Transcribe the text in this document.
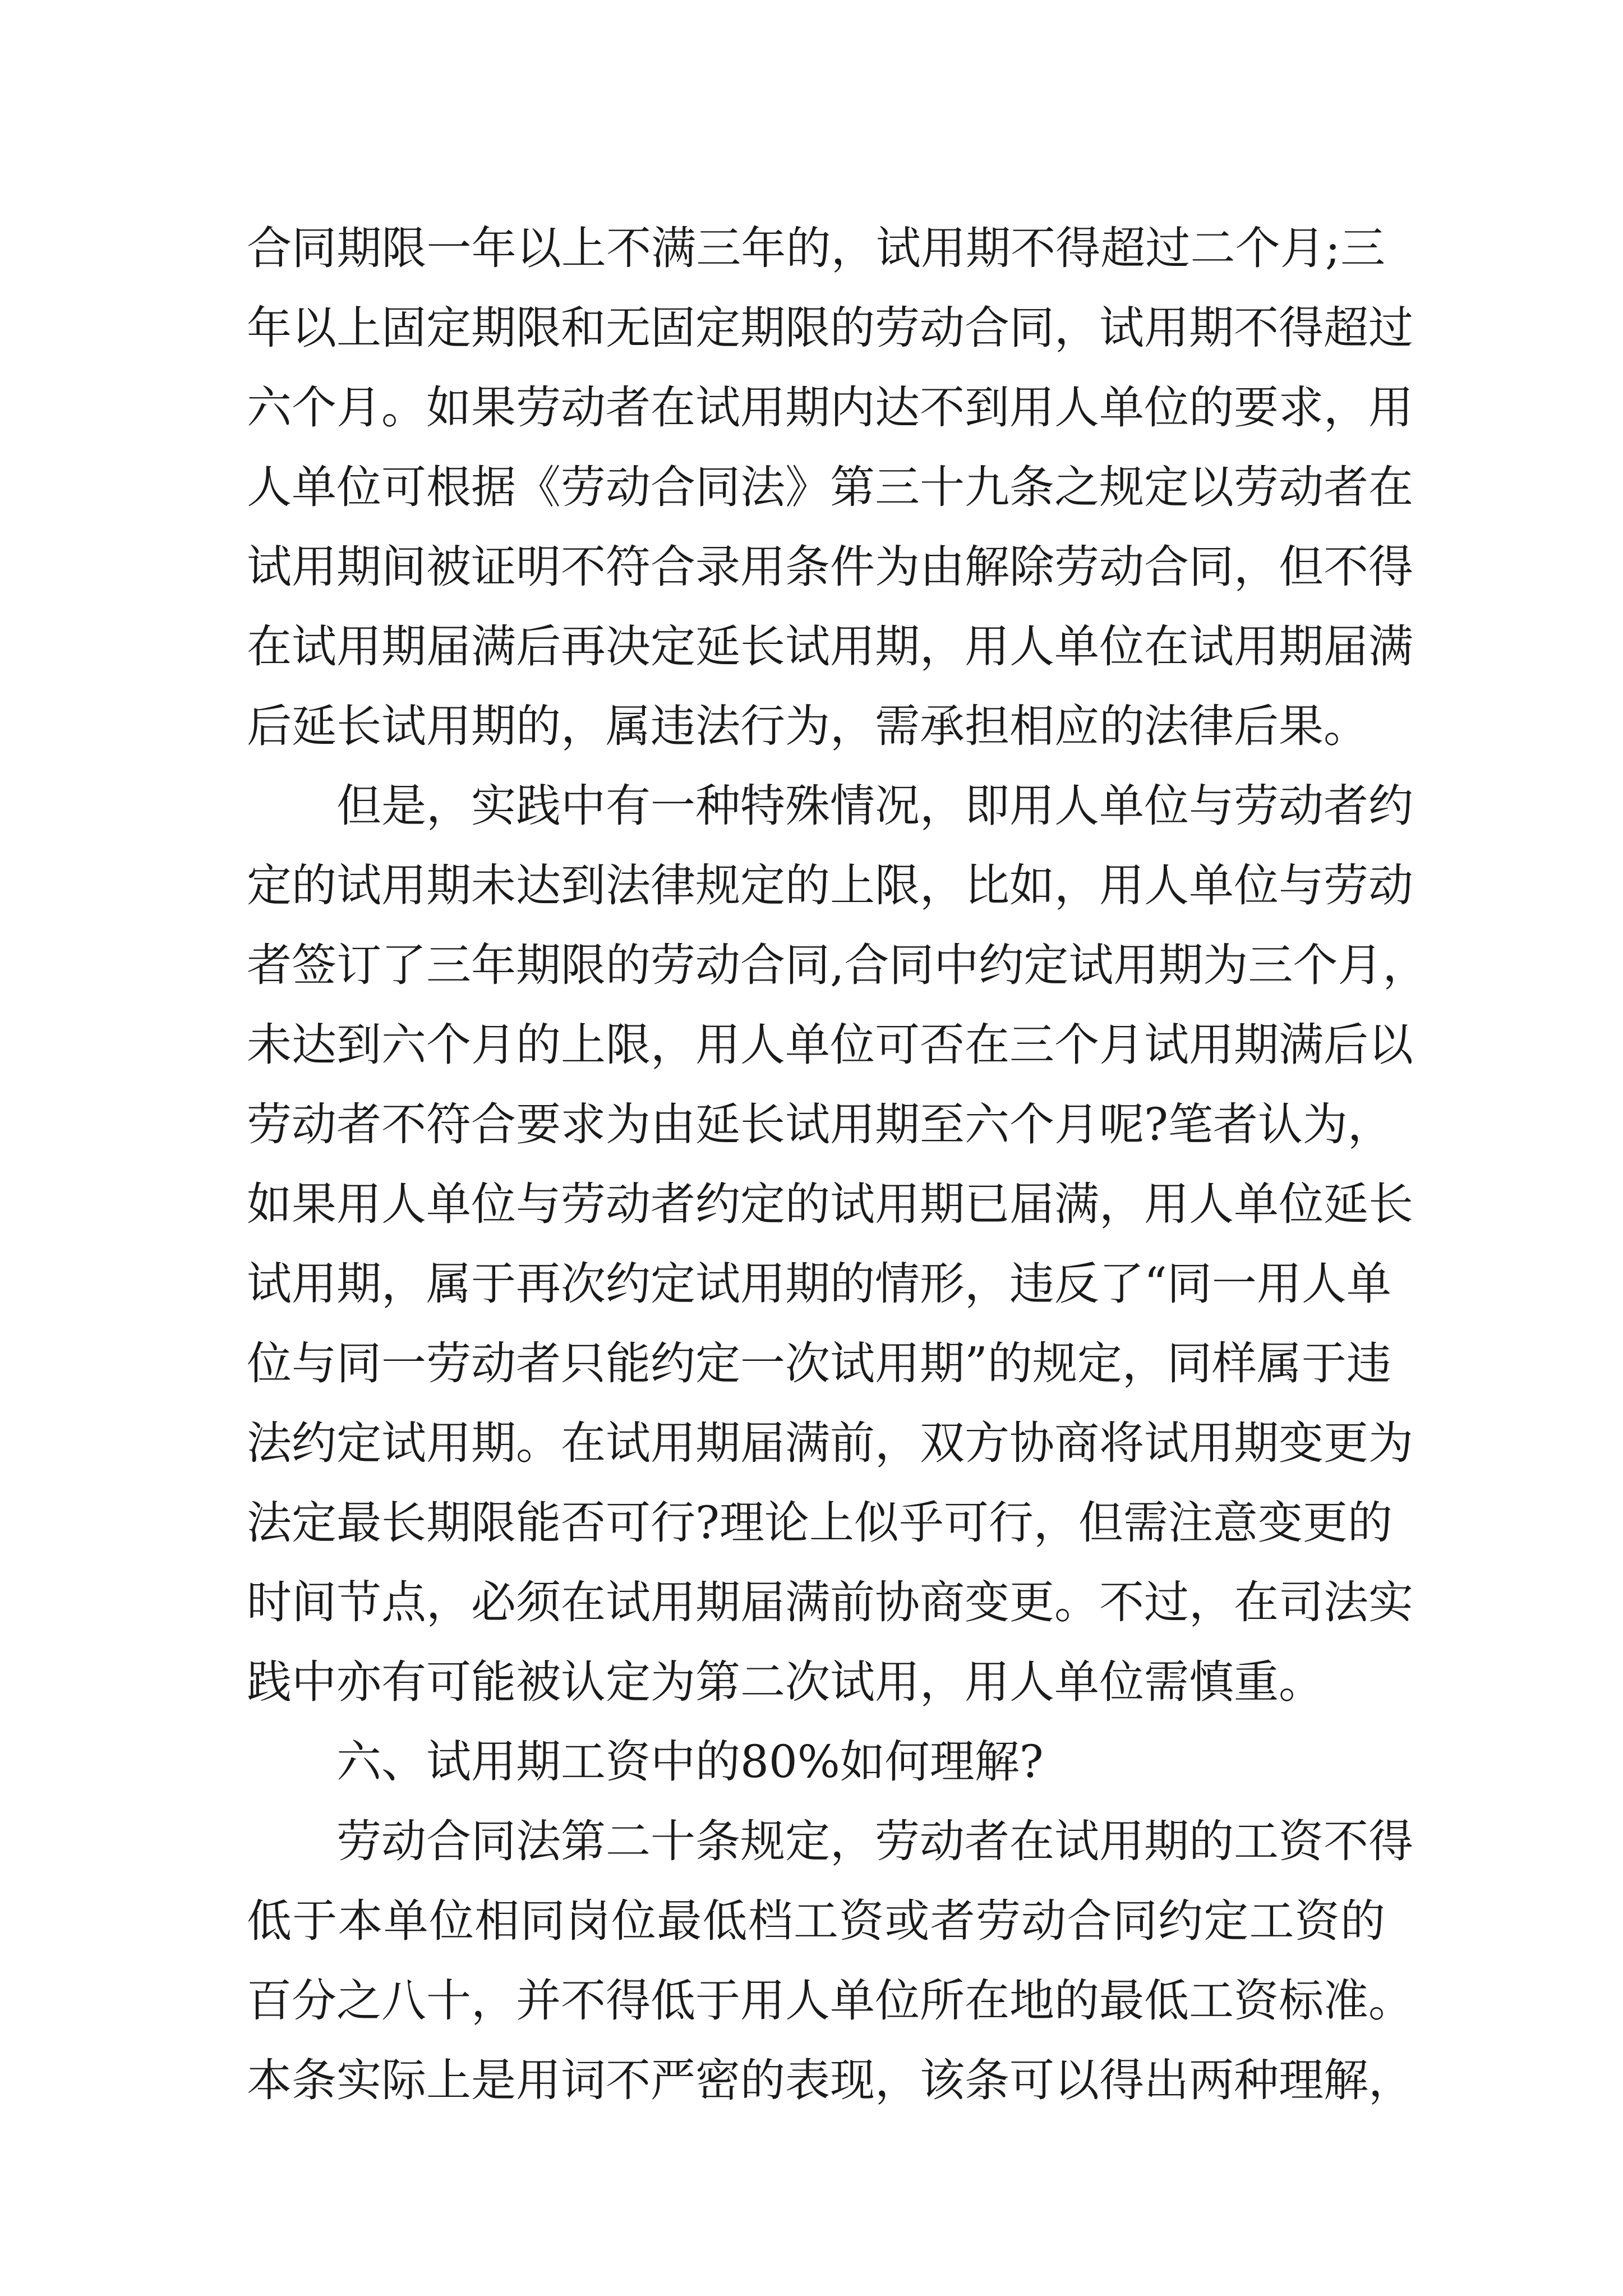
合同期限一年以上不满三年的，试用期不得超过二个月;三
年以上固定期限和无固定期限的劳动合同，试用期不得超过
六个月。如果劳动者在试用期内达不到用人单位的要求，用
人单位可根据《劳动合同法》第三十九条之规定以劳动者在
试用期间被证明不符合录用条件为由解除劳动合同，但不得
在试用期届满后再决定延长试用期，用人单位在试用期届满
后延长试用期的，属违法行为，需承担相应的法律后果。
但是，实践中有一种特殊情况，即用人单位与劳动者约
定的试用期未达到法律规定的上限，比如，用人单位与劳动
者签订了三年期限的劳动合同,合同中约定试用期为三个月，
未达到六个月的上限，用人单位可否在三个月试用期满后以
劳动者不符合要求为由延长试用期至六个月呢?笔者认为，
如果用人单位与劳动者约定的试用期已届满，用人单位延长
试用期，属于再次约定试用期的情形，违反了“同一用人单
位与同一劳动者只能约定一次试用期”的规定，同样属于违
法约定试用期。在试用期届满前，双方协商将试用期变更为
法定最长期限能否可行?理论上似乎可行，但需注意变更的
时间节点，必须在试用期届满前协商变更。不过，在司法实
践中亦有可能被认定为第二次试用，用人单位需慎重。
六、试用期工资中的80%如何理解?
劳动合同法第二十条规定，劳动者在试用期的工资不得
低于本单位相同岗位最低档工资或者劳动合同约定工资的
百分之八十，并不得低于用人单位所在地的最低工资标准。
本条实际上是用词不严密的表现，该条可以得出两种理解，
